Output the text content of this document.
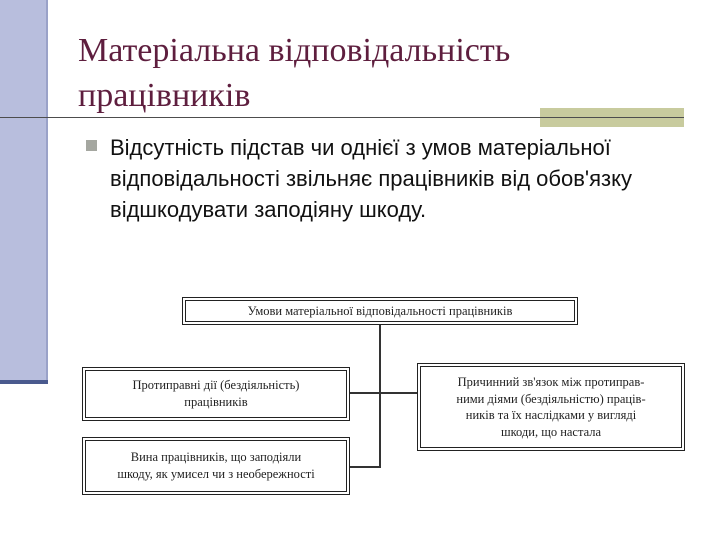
Матеріальна відповідальність
працівників

Відсутність підстав чи однієї з умов матеріальної відповідальності звільняє працівників від обов'язку відшкодувати заподіяну шкоду.

Умови матеріальної відповідальності працівників
Протиправні дії (бездіяльність)
працівників
Вина працівників, що заподіяли
шкоду, як умисел чи з необережності
Причинний зв'язок між протиправ-
ними діями (бездіяльністю) праців-
ників та їх наслідками у вигляді
шкоди, що настала
